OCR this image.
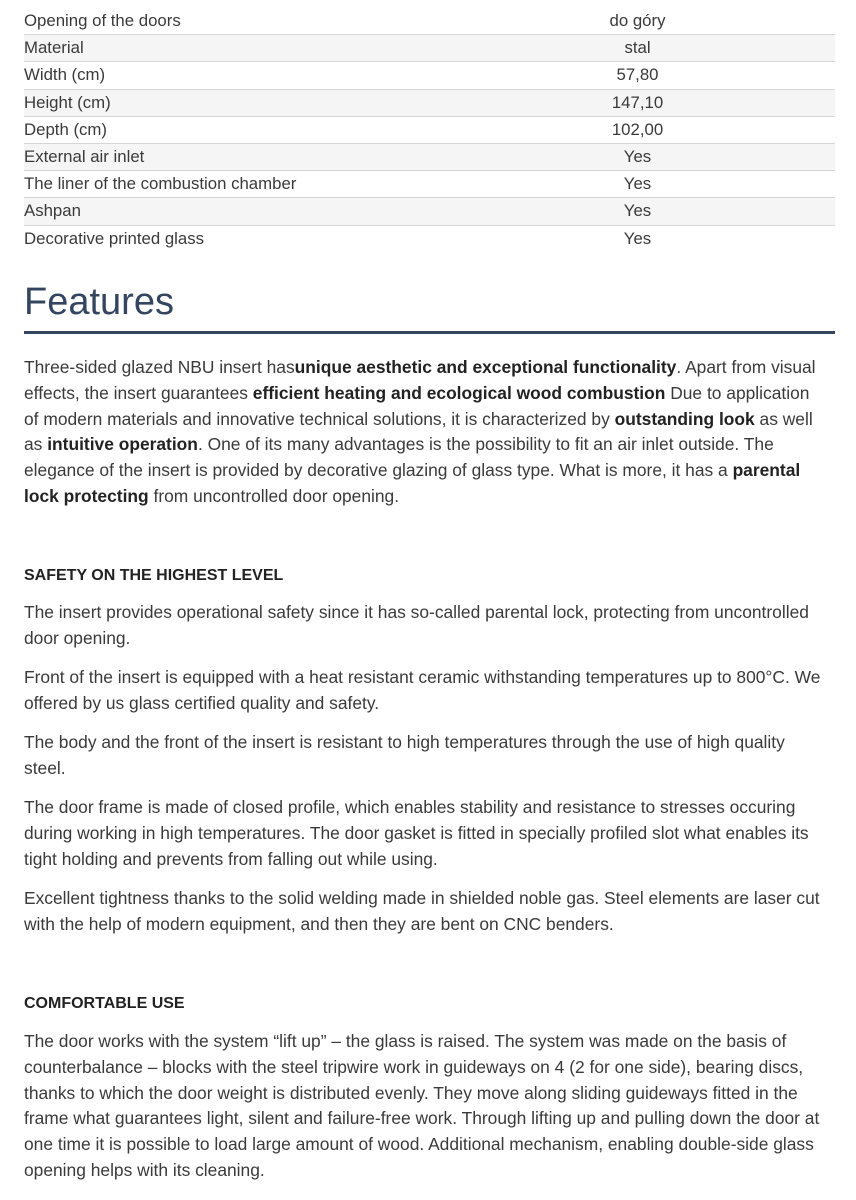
Opening of the doors	do góry
Material	stal
Width (cm)	57,80
Height (cm)	147,10
Depth (cm)	102,00
External air inlet	Yes
The liner of the combustion chamber	Yes
Ashpan	Yes
Decorative printed glass	Yes
Features

Three-sided glazed NBU insert hasunique aesthetic and exceptional functionality. Apart from visual effects, the insert guarantees efficient heating and ecological wood combustion Due to application of modern materials and innovative technical solutions, it is characterized by outstanding look as well as intuitive operation. One of its many advantages is the possibility to fit an air inlet outside. The elegance of the insert is provided by decorative glazing of glass type. What is more, it has a parental lock protecting from uncontrolled door opening.

SAFETY ON THE HIGHEST LEVEL

The insert provides operational safety since it has so-called parental lock, protecting from uncontrolled door opening.

Front of the insert is equipped with a heat resistant ceramic withstanding temperatures up to 800°C. We offered by us glass certified quality and safety.

The body and the front of the insert is resistant to high temperatures through the use of high quality steel.

The door frame is made of closed profile, which enables stability and resistance to stresses occuring during working in high temperatures. The door gasket is fitted in specially profiled slot what enables its tight holding and prevents from falling out while using.

Excellent tightness thanks to the solid welding made in shielded noble gas. Steel elements are laser cut with the help of modern equipment, and then they are bent on CNC benders.

COMFORTABLE USE

The door works with the system “lift up” – the glass is raised. The system was made on the basis of counterbalance – blocks with the steel tripwire work in guideways on 4 (2 for one side), bearing discs, thanks to which the door weight is distributed evenly. They move along sliding guideways fitted in the frame what guarantees light, silent and failure-free work. Through lifting up and pulling down the door at one time it is possible to load large amount of wood. Additional mechanism, enabling double-side glass opening helps with its cleaning.
